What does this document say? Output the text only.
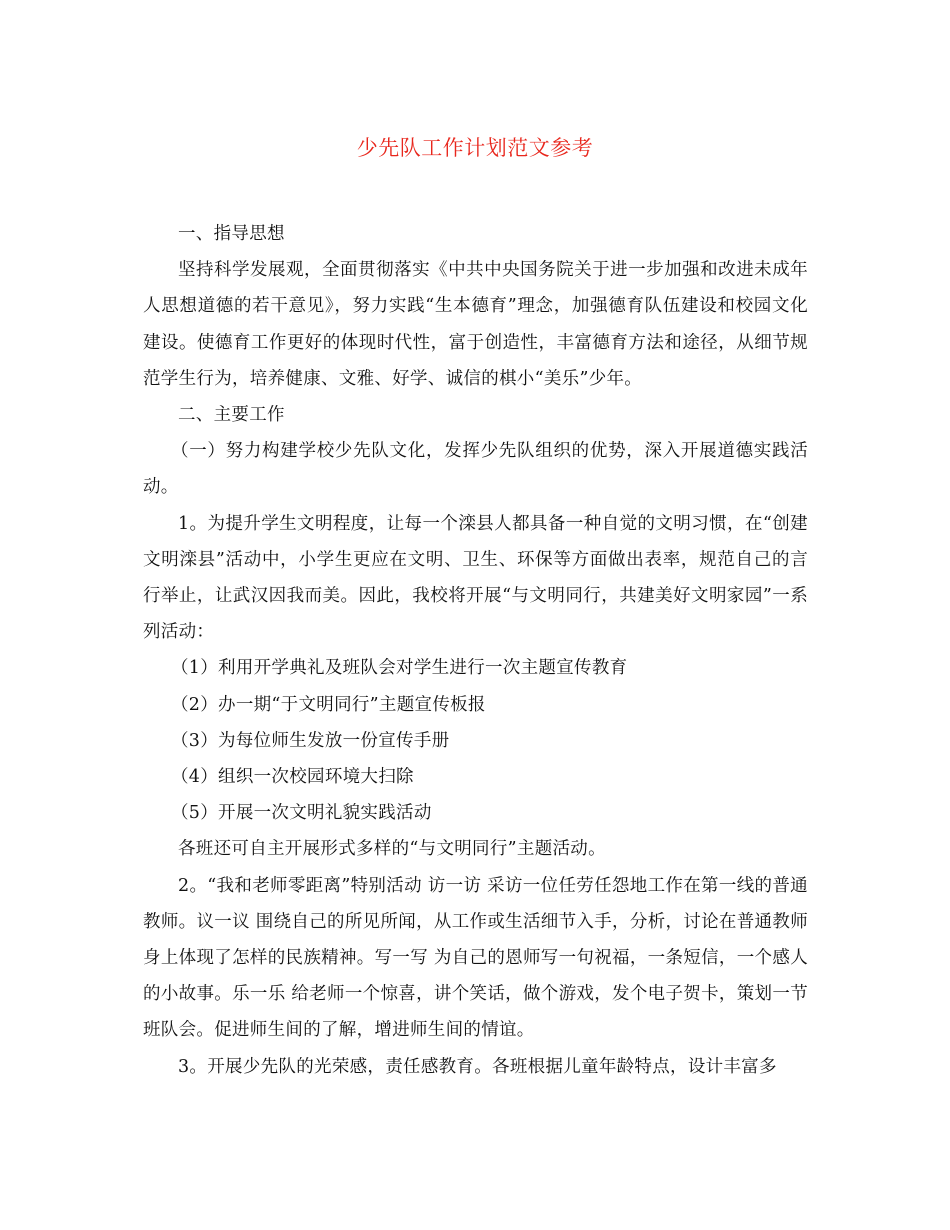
少先队工作计划范文参考

一、指导思想

坚持科学发展观，全面贯彻落实《中共中央国务院关于进一步加强和改进未成年人思想道德的若干意见》，努力实践“生本德育”理念，加强德育队伍建设和校园文化建设。使德育工作更好的体现时代性，富于创造性，丰富德育方法和途径，从细节规范学生行为，培养健康、文雅、好学、诚信的棋小“美乐”少年。

二、主要工作

（一）努力构建学校少先队文化，发挥少先队组织的优势，深入开展道德实践活动。

1。为提升学生文明程度，让每一个滦县人都具备一种自觉的文明习惯，在“创建文明滦县”活动中，小学生更应在文明、卫生、环保等方面做出表率，规范自己的言行举止，让武汉因我而美。因此，我校将开展“与文明同行，共建美好文明家园”一系列活动：

（1）利用开学典礼及班队会对学生进行一次主题宣传教育

（2）办一期“于文明同行”主题宣传板报

（3）为每位师生发放一份宣传手册

（4）组织一次校园环境大扫除

（5）开展一次文明礼貌实践活动

各班还可自主开展形式多样的“与文明同行”主题活动。

2。“我和老师零距离”特别活动 访一访 采访一位任劳任怨地工作在第一线的普通教师。议一议 围绕自己的所见所闻，从工作或生活细节入手，分析，讨论在普通教师身上体现了怎样的民族精神。写一写 为自己的恩师写一句祝福，一条短信，一个感人的小故事。乐一乐 给老师一个惊喜，讲个笑话，做个游戏，发个电子贺卡，策划一节班队会。促进师生间的了解，增进师生间的情谊。

3。开展少先队的光荣感，责任感教育。各班根据儿童年龄特点，设计丰富多
